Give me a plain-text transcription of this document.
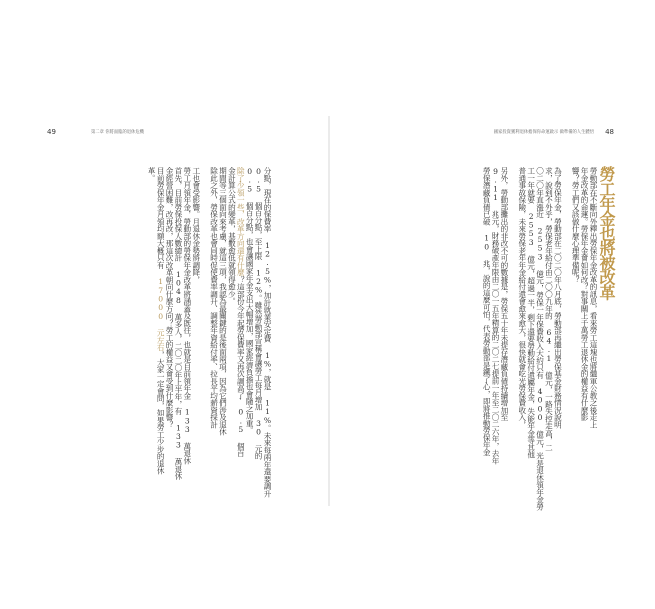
49	第二章 你將面臨的退休危機
分點，現在的保費率 12.5%，加計就業安定費 1%，就是 11%。未來每兩年還要調升
0.5 個百分點，至上限 12%。雖然勞動部宣稱會讓勞工每月增加 30 元的
0.5 個百分點，也會讓國家年金支出大幅增加，國家經濟負擔也會隨之加重。
除了少領一些，改革方向還有什麼？這部份今年起勞保費率又再次調高了 0.5 個百
金計算公式的變革，基數愈低就領得愈少。
期間等三個面向來考慮，就這三項，我認為最關鍵的是後面兩項，因為它們涉及退休
除此之外，勞保改革也會同時促使費率調升、調整年資給付率、拉長平均薪資採計
工也會受影響。月退休金勢將調降，
勞工月領年金，勞動部的勞保年金改革將涵蓋及既往，也就是目前領年金 133 萬退休
首先，目前勞保投保人數總計 1048 萬多人，二〇二〇年上半年，有 133 萬退休
金經營困難，改再改，那這次改革朝向什麼方向？勞工的權益又會受到什麼影響？
目前勞保年金月領均額大概只有 17000 元左右，大家一定會問，如果勞工少步的退休
革。
48
國家投資獲利退休擔保你命運啟示 做準備的人生體悟
勞工年金也將被改革
勞動部在不斷向外釋出勞保年金改革的訊息，看來勞工這塊也將繼軍公教之後走上
年金改革的命運。勞保年金會如何改？對事關上千萬勞工退休金的權益有什麼影
響？勞工們又該做什麼心理準備呢？
為了勞保年金，勞動部在二〇二〇年八月底，勞動部再繼出勞保基金財務情況說明
求，說到不外乎，勞保老年給付由二〇〇九年的 64.1 億元，一路失控走高，二
〇二〇年直漲近 2553 億元，勞保一年保費收入大約只有 4000 億元，光是退休領年金勞
工一年就要 2553 億元，超過一半，剩下還要勞動給付還屬年金，失能年金等其他
普通事故保險，未來勞保老年年金給付還會愈來愈大，很快就會吃光勞保費收入，
另外，勞動部攤出的非改不可的數據是，勞保五十年未提存潛藏負債持續增加至
9.11 兆元，財務破產年限由二〇一五年精算的二〇二七提前一年至二〇二六年，去年
勞保潛藏負債已破 10 兆，說的這麼可怕，代表勞動部是鐵了心，即將推動勞保年金
